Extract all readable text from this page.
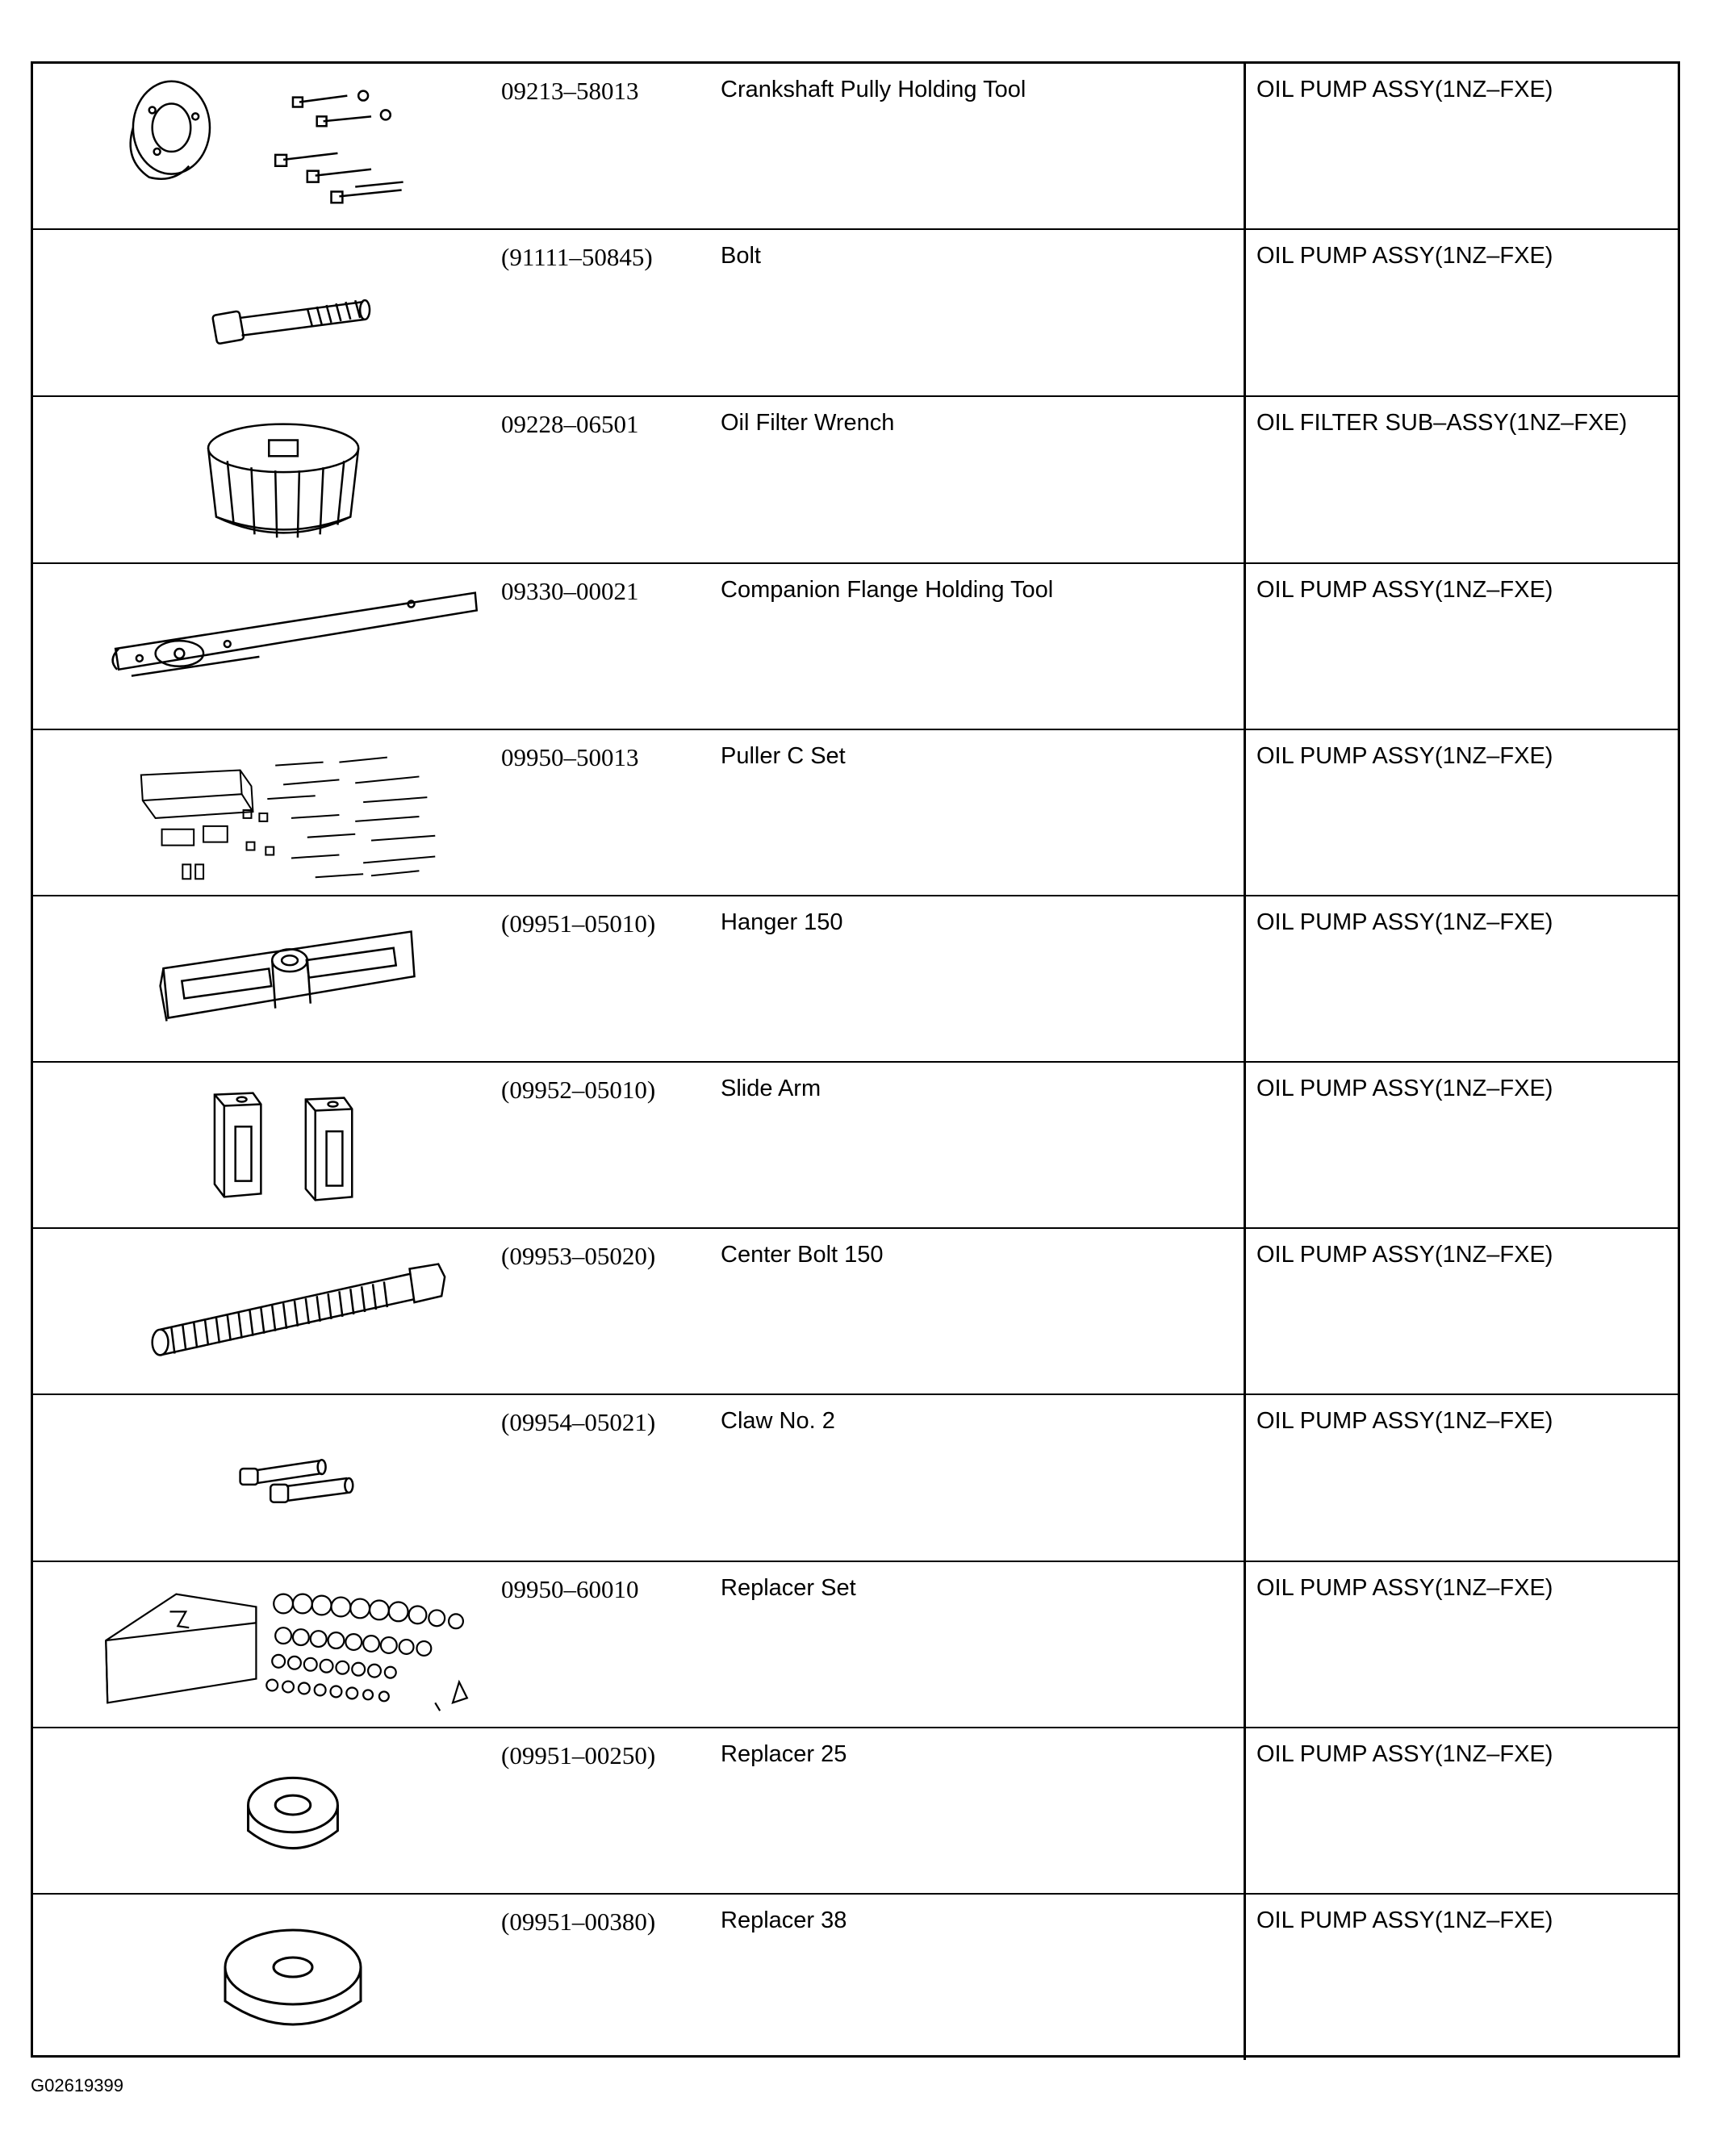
09213–58013	Crankshaft Pully Holding Tool	OIL PUMP ASSY(1NZ–FXE)
(91111–50845)	Bolt	OIL PUMP ASSY(1NZ–FXE)
09228–06501	Oil Filter Wrench	OIL FILTER SUB–ASSY(1NZ–FXE)
09330–00021	Companion Flange Holding Tool	OIL PUMP ASSY(1NZ–FXE)
09950–50013	Puller C Set	OIL PUMP ASSY(1NZ–FXE)
(09951–05010)	Hanger 150	OIL PUMP ASSY(1NZ–FXE)
(09952–05010)	Slide Arm	OIL PUMP ASSY(1NZ–FXE)
(09953–05020)	Center Bolt 150	OIL PUMP ASSY(1NZ–FXE)
(09954–05021)	Claw No. 2	OIL PUMP ASSY(1NZ–FXE)
09950–60010	Replacer Set	OIL PUMP ASSY(1NZ–FXE)
(09951–00250)	Replacer 25	OIL PUMP ASSY(1NZ–FXE)
(09951–00380)	Replacer 38	OIL PUMP ASSY(1NZ–FXE)
G02619399
